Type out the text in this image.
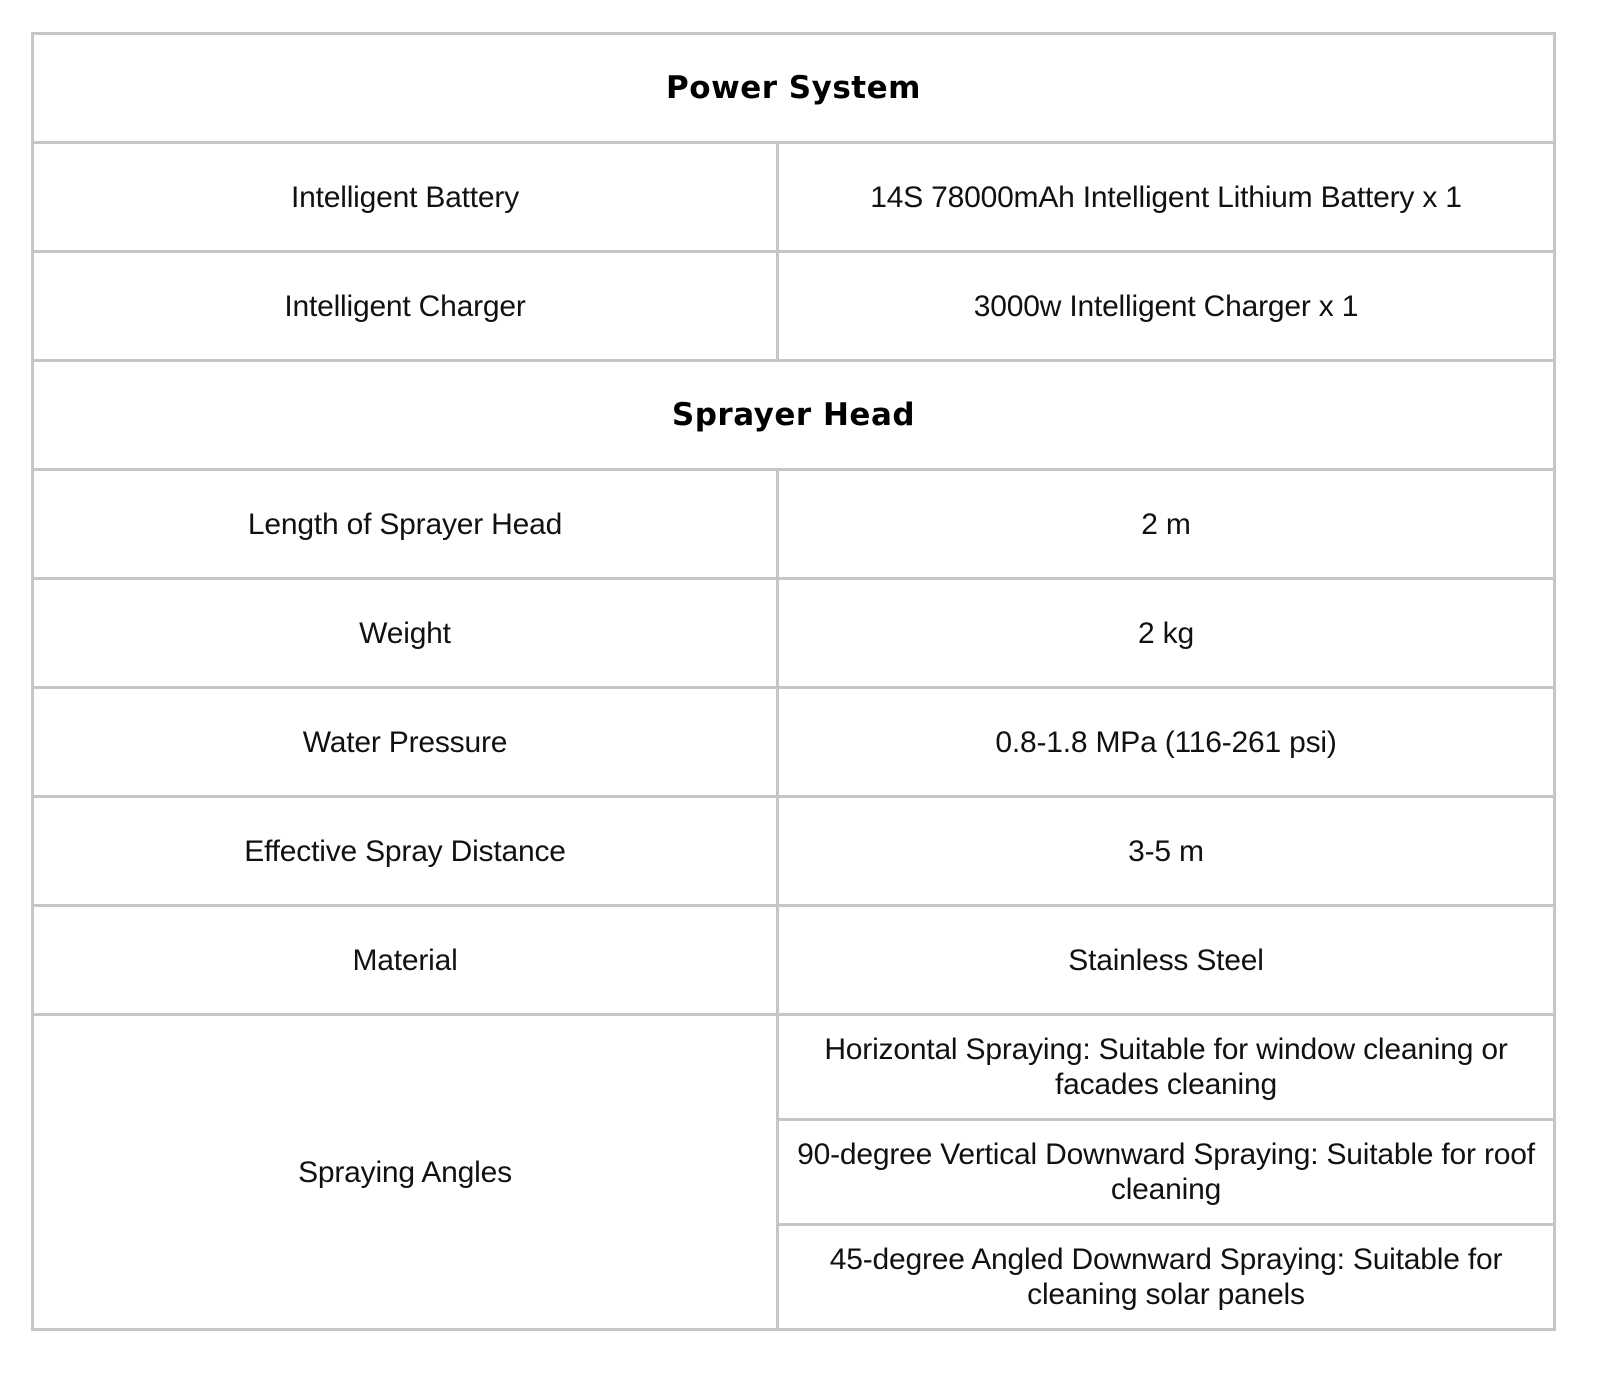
Power System	
Intelligent Battery	14S 78000mAh Intelligent Lithium Battery x 1
Intelligent Charger	3000w Intelligent Charger x 1
Sprayer Head	
Length of Sprayer Head	2 m
Weight	2 kg
Water Pressure	0.8-1.8 MPa (116-261 psi)
Effective Spray Distance	3-5 m
Material	Stainless Steel
Spraying Angles	Horizontal Spraying: Suitable for window cleaning or facades cleaning
	90-degree Vertical Downward Spraying: Suitable for roof cleaning
	45-degree Angled Downward Spraying: Suitable for cleaning solar panels
